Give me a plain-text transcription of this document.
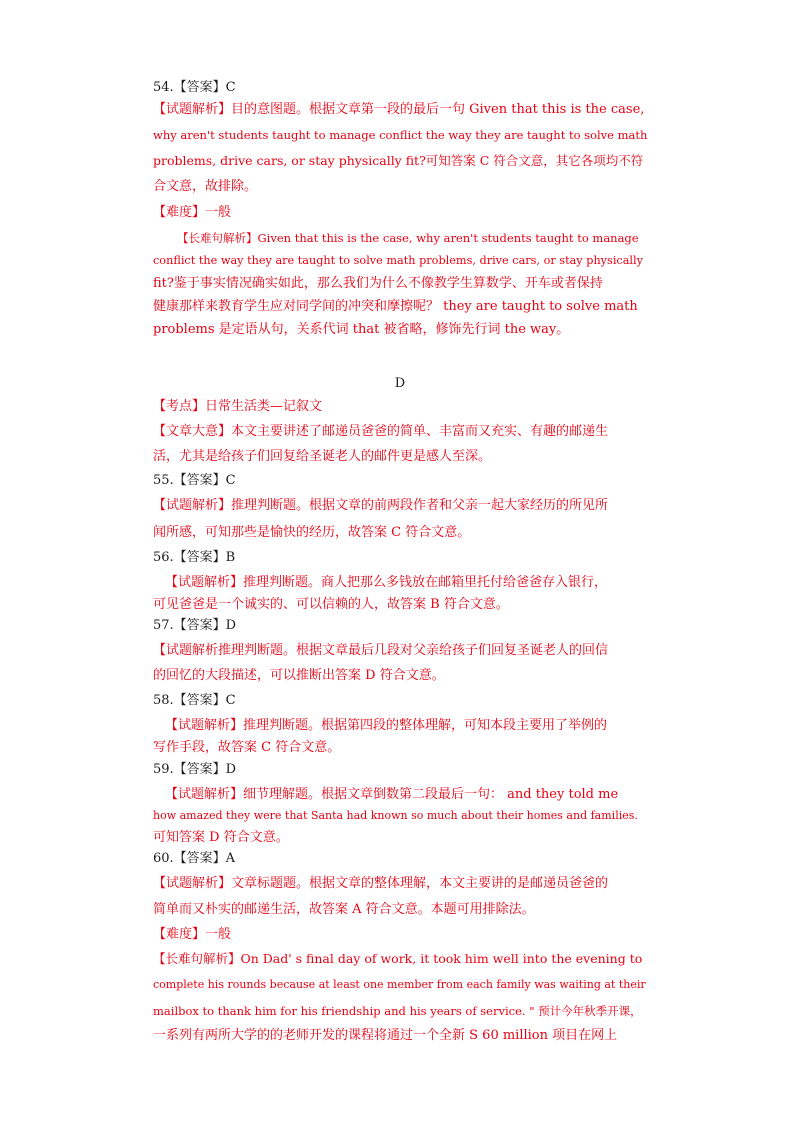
54.【答案】C
【试题解析】目的意图题。根据文章第一段的最后一句 Given that this is the case,
why aren't students taught to manage conflict the way they are taught to solve math
problems, drive cars, or stay physically fit?可知答案 C 符合文意，其它各项均不符
合文意，故排除。
【难度】一般
【长难句解析】Given that this is the case, why aren't students taught to manage
conflict the way they are taught to solve math problems, drive cars, or stay physically
fit?鉴于事实情况确实如此，那么我们为什么不像教学生算数学、开车或者保持
健康那样来教育学生应对同学间的冲突和摩擦呢？ they are taught to solve math
problems 是定语从句，关系代词 that 被省略，修饰先行词 the way。
D
【考点】日常生活类—记叙文
【文章大意】本文主要讲述了邮递员爸爸的简单、丰富而又充实、有趣的邮递生
活，尤其是给孩子们回复给圣诞老人的邮件更是感人至深。
55.【答案】C
【试题解析】推理判断题。根据文章的前两段作者和父亲一起大家经历的所见所
闻所感，可知那些是愉快的经历，故答案 C 符合文意。
56.【答案】B
【试题解析】推理判断题。商人把那么多钱放在邮箱里托付给爸爸存入银行，
可见爸爸是一个诚实的、可以信赖的人，故答案 B 符合文意。
57.【答案】D
【试题解析推理判断题。根据文章最后几段对父亲给孩子们回复圣诞老人的回信
的回忆的大段描述，可以推断出答案 D 符合文意。
58.【答案】C
【试题解析】推理判断题。根据第四段的整体理解，可知本段主要用了举例的
写作手段，故答案 C 符合文意。
59.【答案】D
【试题解析】细节理解题。根据文章倒数第二段最后一句： and they told me
how amazed they were that Santa had known so much about their homes and families.
可知答案 D 符合文意。
60.【答案】A
【试题解析】文章标题题。根据文章的整体理解，本文主要讲的是邮递员爸爸的
简单而又朴实的邮递生活，故答案 A 符合文意。本题可用排除法。
【难度】一般
【长难句解析】On Dad' s final day of work, it took him well into the evening to
complete his rounds because at least one member from each family was waiting at their
mailbox to thank him for his friendship and his years of service. " 预计今年秋季开课，
一系列有两所大学的的老师开发的课程将通过一个全新 S 60 million 项目在网上
